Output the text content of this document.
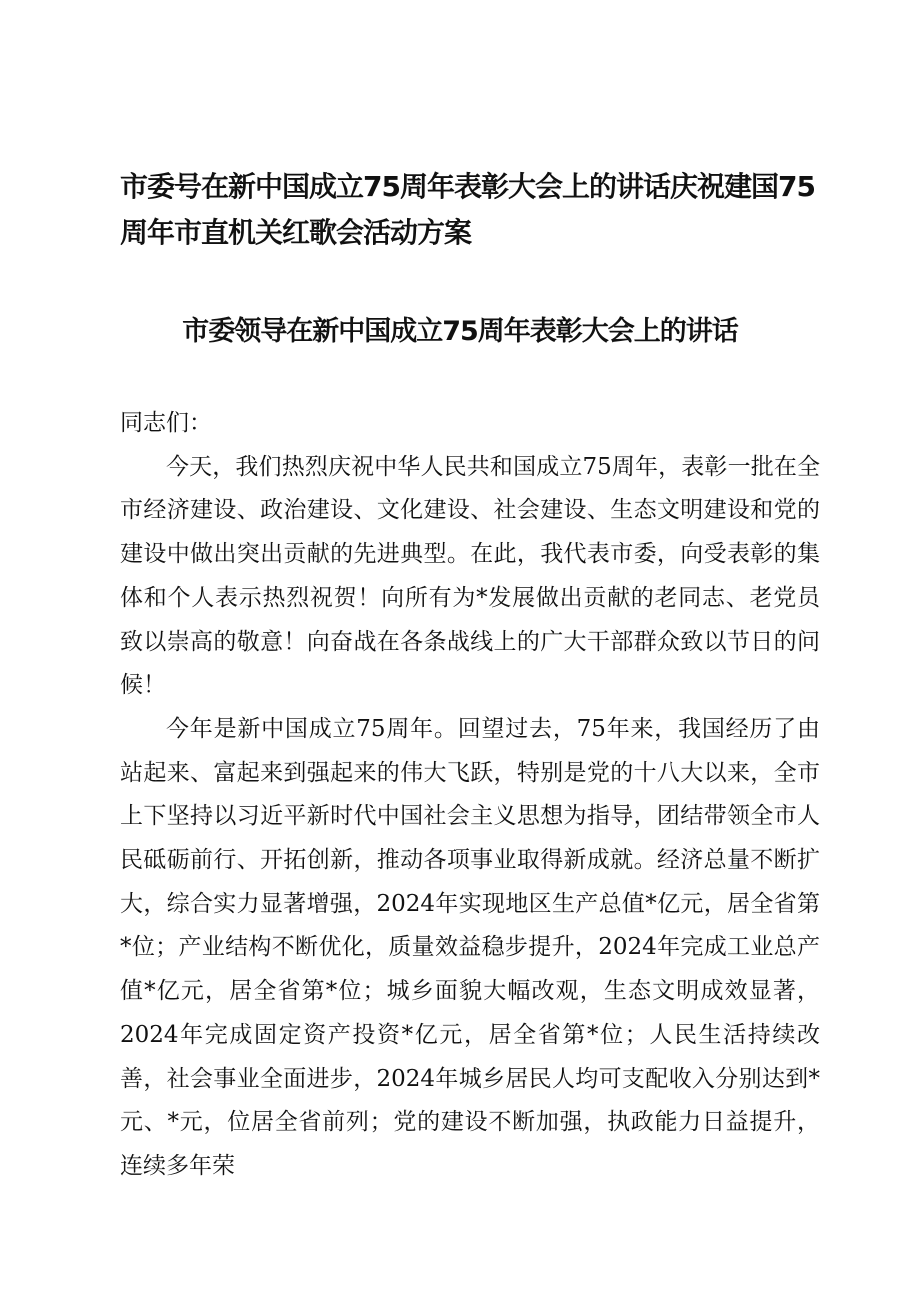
市委号在新中国成立75周年表彰大会上的讲话庆祝建国75周年市直机关红歌会活动方案
市委领导在新中国成立75周年表彰大会上的讲话

同志们：

今天，我们热烈庆祝中华人民共和国成立75周年，表彰一批在全市经济建设、政治建设、文化建设、社会建设、生态文明建设和党的建设中做出突出贡献的先进典型。在此，我代表市委，向受表彰的集体和个人表示热烈祝贺！向所有为*发展做出贡献的老同志、老党员致以崇高的敬意！向奋战在各条战线上的广大干部群众致以节日的问候！

今年是新中国成立75周年。回望过去，75年来，我国经历了由站起来、富起来到强起来的伟大飞跃，特别是党的十八大以来，全市上下坚持以习近平新时代中国社会主义思想为指导，团结带领全市人民砥砺前行、开拓创新，推动各项事业取得新成就。经济总量不断扩大，综合实力显著增强，2024年实现地区生产总值*亿元，居全省第*位；产业结构不断优化，质量效益稳步提升，2024年完成工业总产值*亿元，居全省第*位；城乡面貌大幅改观，生态文明成效显著，2024年完成固定资产投资*亿元，居全省第*位；人民生活持续改善，社会事业全面进步，2024年城乡居民人均可支配收入分别达到*元、*元，位居全省前列；党的建设不断加强，执政能力日益提升，连续多年荣
